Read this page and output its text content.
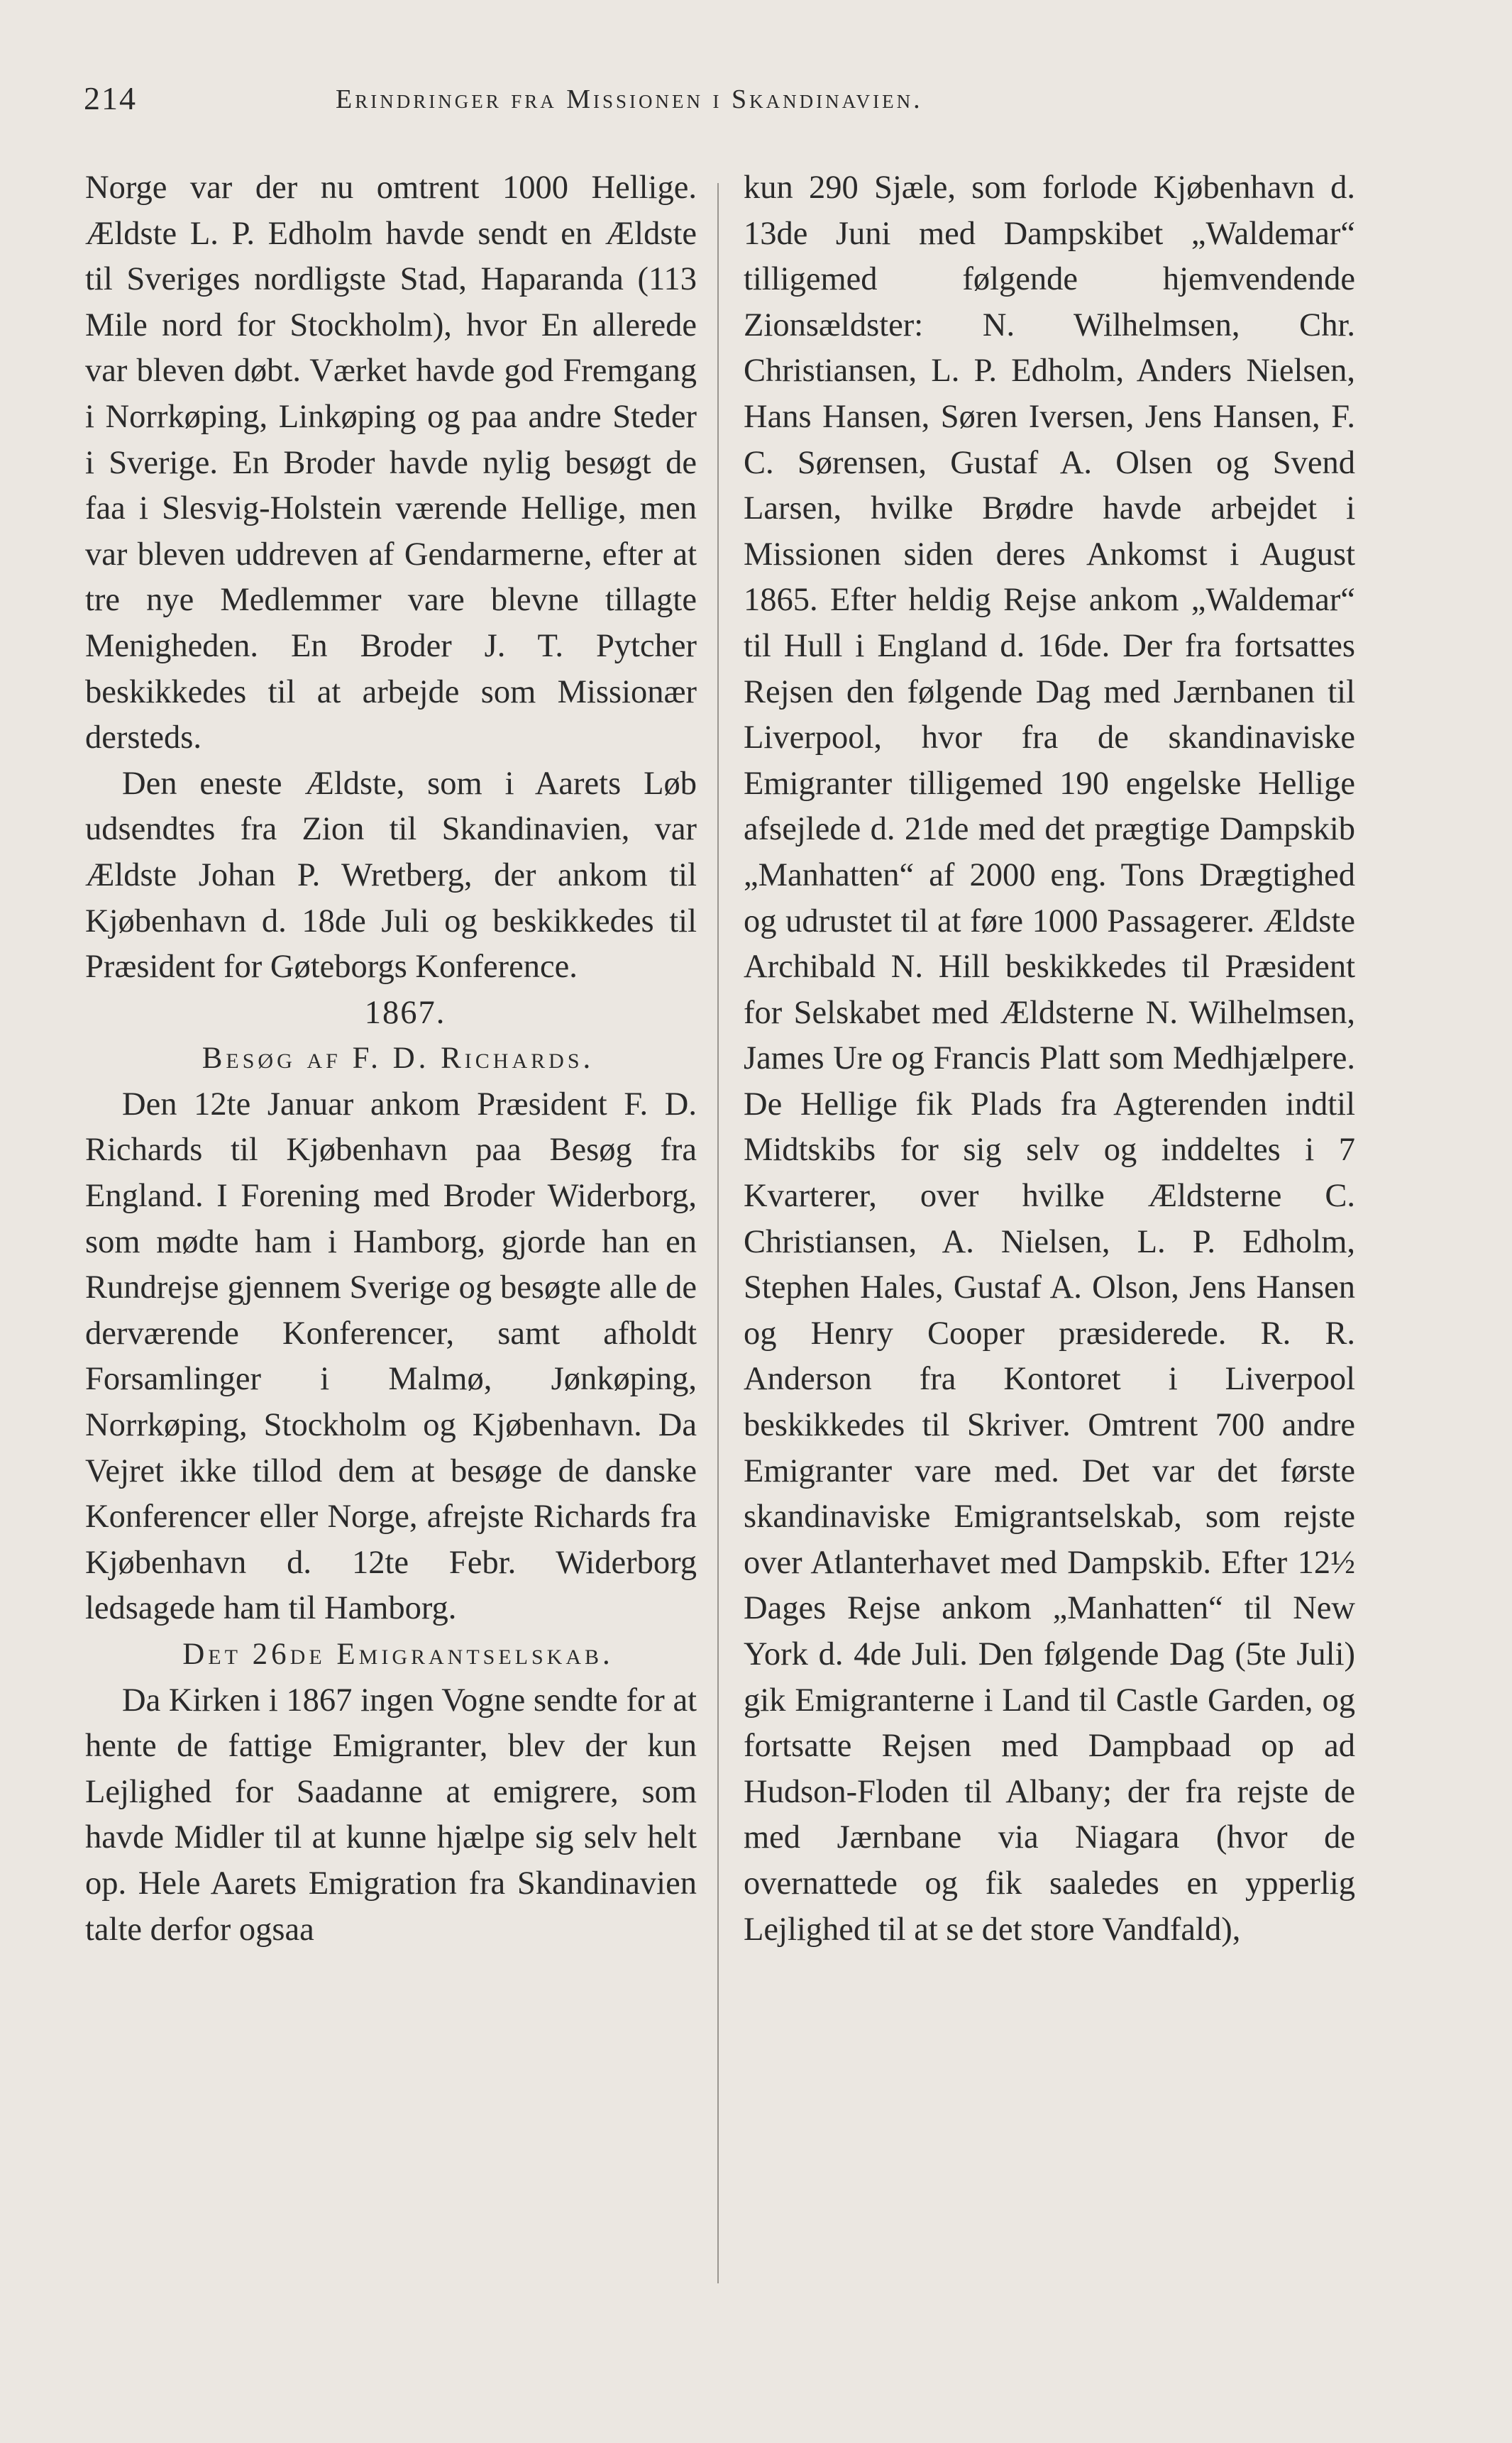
214	Erindringer fra Missionen i Skandinavien.

Norge var der nu omtrent 1000 Hellige. Ældste L. P. Edholm havde sendt en Ældste til Sveriges nordligste Stad, Haparanda (113 Mile nord for Stockholm), hvor En allerede var bleven døbt. Værket havde god Fremgang i Norrkøping, Linkøping og paa andre Steder i Sverige. En Broder havde nylig besøgt de faa i Slesvig-Holstein værende Hellige, men var bleven uddreven af Gendarmerne, efter at tre nye Medlemmer vare blevne tillagte Menigheden. En Broder J. T. Pytcher beskikkedes til at arbejde som Missionær dersteds.

Den eneste Ældste, som i Aarets Løb udsendtes fra Zion til Skandinavien, var Ældste Johan P. Wretberg, der ankom til Kjøbenhavn d. 18de Juli og beskikkedes til Præsident for Gøteborgs Konference.

1867.

Besøg af F. D. Richards.

Den 12te Januar ankom Præsident F. D. Richards til Kjøbenhavn paa Besøg fra England. I Forening med Broder Widerborg, som mødte ham i Hamborg, gjorde han en Rundrejse gjennem Sverige og besøgte alle de derværende Konferencer, samt afholdt Forsamlinger i Malmø, Jønkøping, Norrkøping, Stockholm og Kjøbenhavn. Da Vejret ikke tillod dem at besøge de danske Konferencer eller Norge, afrejste Richards fra Kjøbenhavn d. 12te Febr. Widerborg ledsagede ham til Hamborg.

Det 26de Emigrantselskab.

Da Kirken i 1867 ingen Vogne sendte for at hente de fattige Emigranter, blev der kun Lejlighed for Saadanne at emigrere, som havde Midler til at kunne hjælpe sig selv helt op. Hele Aarets Emigration fra Skandinavien talte derfor ogsaa

kun 290 Sjæle, som forlode Kjøbenhavn d. 13de Juni med Dampskibet „Waldemar“ tilligemed følgende hjemvendende Zionsældster: N. Wilhelmsen, Chr. Christiansen, L. P. Edholm, Anders Nielsen, Hans Hansen, Søren Iversen, Jens Hansen, F. C. Sørensen, Gustaf A. Olsen og Svend Larsen, hvilke Brødre havde arbejdet i Missionen siden deres Ankomst i August 1865. Efter heldig Rejse ankom „Waldemar“ til Hull i England d. 16de. Der fra fortsattes Rejsen den følgende Dag med Jærnbanen til Liverpool, hvor fra de skandinaviske Emigranter tilligemed 190 engelske Hellige afsejlede d. 21de med det prægtige Dampskib „Manhatten“ af 2000 eng. Tons Drægtighed og udrustet til at føre 1000 Passagerer. Ældste Archibald N. Hill beskikkedes til Præsident for Selskabet med Ældsterne N. Wilhelmsen, James Ure og Francis Platt som Medhjælpere. De Hellige fik Plads fra Agterenden indtil Midtskibs for sig selv og inddeltes i 7 Kvarterer, over hvilke Ældsterne C. Christiansen, A. Nielsen, L. P. Edholm, Stephen Hales, Gustaf A. Olson, Jens Hansen og Henry Cooper præsiderede. R. R. Anderson fra Kontoret i Liverpool beskikkedes til Skriver. Omtrent 700 andre Emigranter vare med. Det var det første skandinaviske Emigrantselskab, som rejste over Atlanterhavet med Dampskib. Efter 12½ Dages Rejse ankom „Manhatten“ til New York d. 4de Juli. Den følgende Dag (5te Juli) gik Emigranterne i Land til Castle Garden, og fortsatte Rejsen med Dampbaad op ad Hudson-Floden til Albany; der fra rejste de med Jærnbane via Niagara (hvor de overnattede og fik saaledes en ypperlig Lejlighed til at se det store Vandfald),
